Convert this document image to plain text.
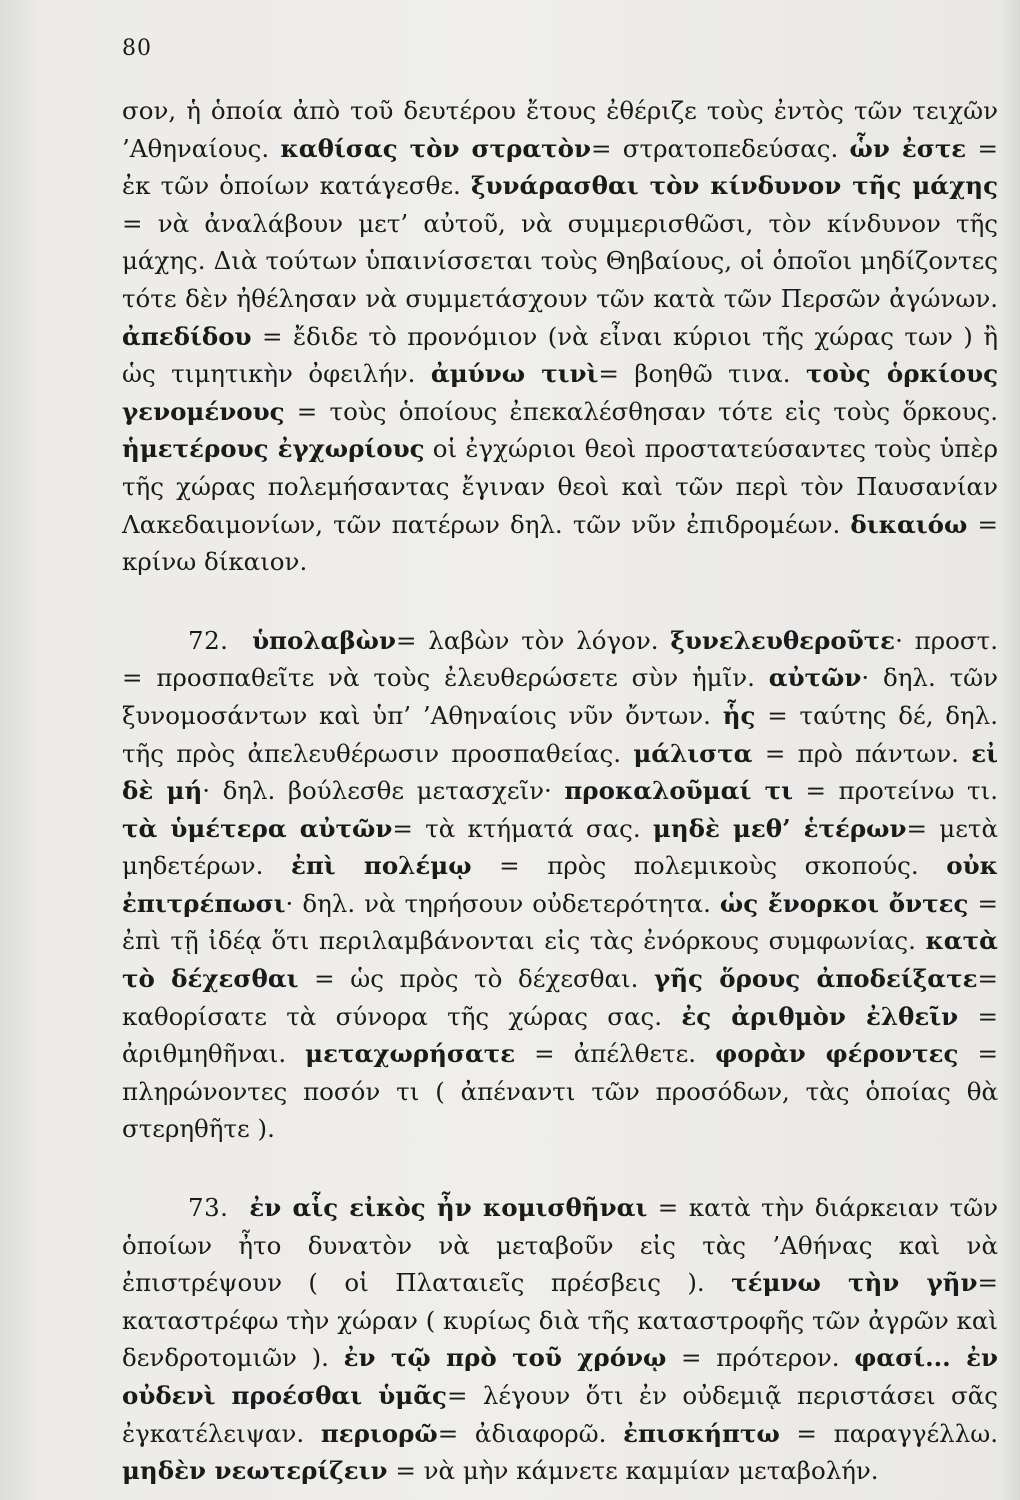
80

σον, ἡ ὁποία ἀπὸ τοῦ δευτέρου ἔτους ἐθέριζε τοὺς ἐντὸς τῶν τειχῶν ’Αθηναίους. καθίσας τὸν στρατὸν= στρατοπεδεύσας. ὧν ἐστε = ἐκ τῶν ὁποίων κατάγεσθε. ξυνάρασθαι τὸν κίνδυνον τῆς μάχης = νὰ ἀναλάβουν μετ’ αὐτοῦ, νὰ συμμερισθῶσι, τὸν κίνδυνον τῆς μάχης. Διὰ τούτων ὑπαινίσσεται τοὺς Θηβαίους, οἱ ὁποῖοι μηδίζοντες τότε δὲν ἠθέλησαν νὰ συμμετάσχουν τῶν κατὰ τῶν Περσῶν ἀγώνων. ἀπεδίδου = ἔδιδε τὸ προνόμιον (νὰ εἶναι κύριοι τῆς χώρας των ) ἢ ὡς τιμητικὴν ὀφειλήν. ἀμύνω τινὶ= βοηθῶ τινα. τοὺς ὁρκίους γενομένους = τοὺς ὁποίους ἐπεκαλέσθησαν τότε εἰς τοὺς ὅρκους. ἡμετέρους ἐγχωρίους οἱ ἐγχώριοι θεοὶ προστατεύσαντες τοὺς ὑπὲρ τῆς χώρας πολεμήσαντας ἔγιναν θεοὶ καὶ τῶν περὶ τὸν Παυσανίαν Λακεδαιμονίων, τῶν πατέρων δηλ. τῶν νῦν ἐπιδρομέων. δικαιόω = κρίνω δίκαιον.

72. ὑπολαβὼν= λαβὼν τὸν λόγον. ξυνελευθεροῦτε· προστ. = προσπαθεῖτε νὰ τοὺς ἐλευθερώσετε σὺν ἡμῖν. αὐτῶν· δηλ. τῶν ξυνομοσάντων καὶ ὑπ’ ’Αθηναίοις νῦν ὄντων. ἧς = ταύτης δέ, δηλ. τῆς πρὸς ἀπελευθέρωσιν προσπαθείας. μάλιστα = πρὸ πάντων. εἰ δὲ μή· δηλ. βούλεσθε μετασχεῖν· προκαλοῦμαί τι = προτείνω τι. τὰ ὑμέτερα αὐτῶν= τὰ κτήματά σας. μηδὲ μεθ’ ἑτέρων= μετὰ μηδετέρων. ἐπὶ πολέμῳ = πρὸς πολεμικοὺς σκοπούς. οὐκ ἐπιτρέπωσι· δηλ. νὰ τηρήσουν οὐδετερότητα. ὡς ἔνορκοι ὄντες = ἐπὶ τῇ ἰδέᾳ ὅτι περιλαμβάνονται εἰς τὰς ἐνόρκους συμφωνίας. κατὰ τὸ δέχεσθαι = ὡς πρὸς τὸ δέχεσθαι. γῆς ὅρους ἀποδείξατε= καθορίσατε τὰ σύνορα τῆς χώρας σας. ἐς ἀριθμὸν ἐλθεῖν = ἀριθμηθῆναι. μεταχωρήσατε = ἀπέλθετε. φορὰν φέροντες = πληρώνοντες ποσόν τι ( ἀπέναντι τῶν προσόδων, τὰς ὁποίας θὰ στερηθῆτε ).

73. ἐν αἷς εἰκὸς ἦν κομισθῆναι = κατὰ τὴν διάρκειαν τῶν ὁποίων ἦτο δυνατὸν νὰ μεταβοῦν εἰς τὰς ’Αθήνας καὶ νὰ ἐπιστρέψουν ( οἱ Πλαταιεῖς πρέσβεις ). τέμνω τὴν γῆν= καταστρέφω τὴν χώραν ( κυρίως διὰ τῆς καταστροφῆς τῶν ἀγρῶν καὶ δενδροτομιῶν ). ἐν τῷ πρὸ τοῦ χρόνῳ = πρότερον. φασί... ἐν οὐδενὶ προέσθαι ὑμᾶς= λέγουν ὅτι ἐν οὐδεμιᾷ περιστάσει σᾶς ἐγκατέλειψαν. περιορῶ= ἀδιαφορῶ. ἐπισκήπτω = παραγγέλλω. μηδὲν νεωτερίζειν = νὰ μὴν κάμνετε καμμίαν μεταβολήν.
